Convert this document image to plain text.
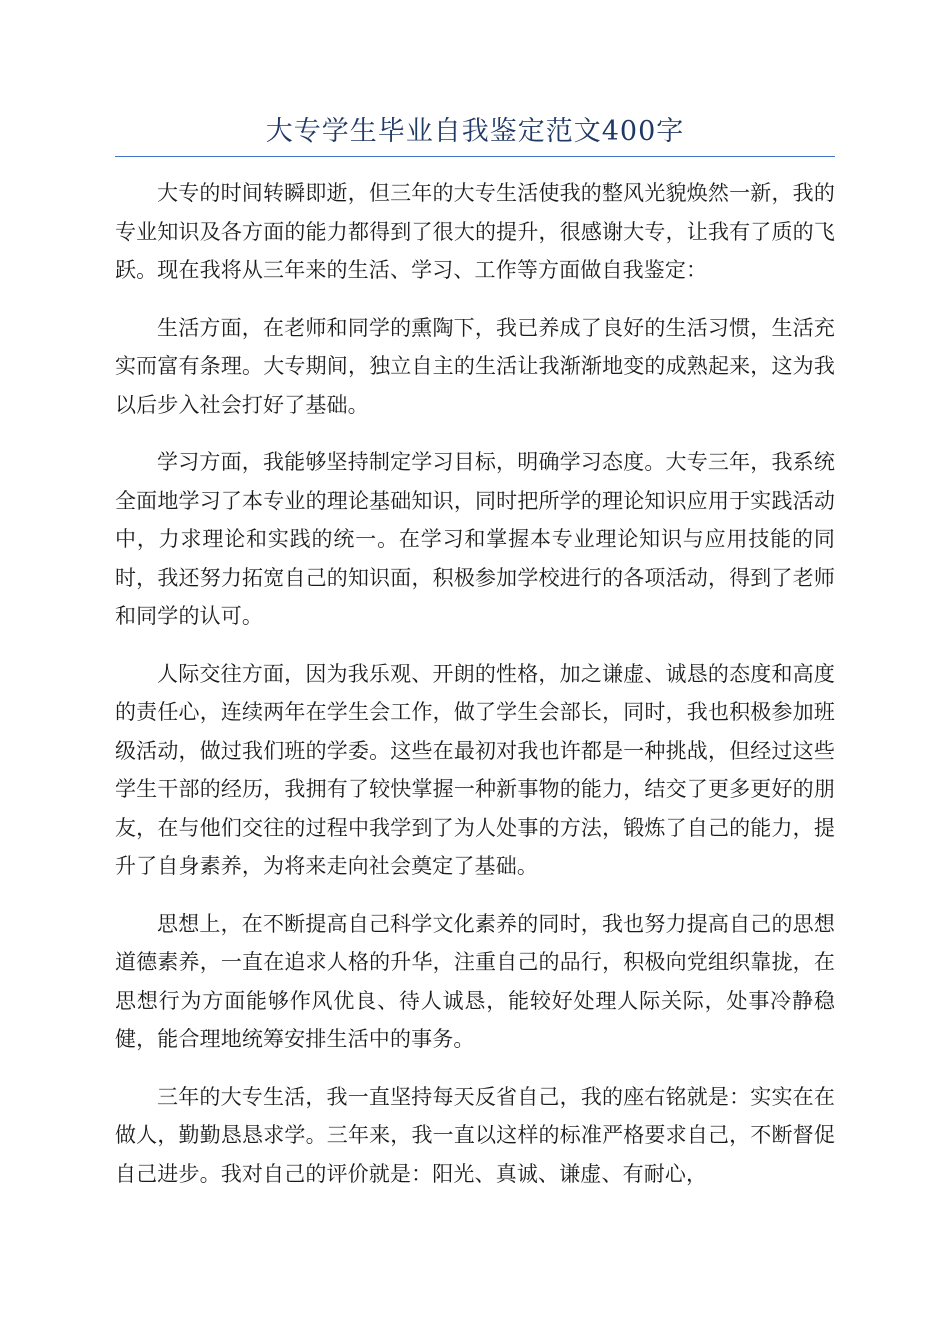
大专学生毕业自我鉴定范文400字

大专的时间转瞬即逝，但三年的大专生活使我的整风光貌焕然一新，我的专业知识及各方面的能力都得到了很大的提升，很感谢大专，让我有了质的飞跃。现在我将从三年来的生活、学习、工作等方面做自我鉴定：

生活方面，在老师和同学的熏陶下，我已养成了良好的生活习惯，生活充实而富有条理。大专期间，独立自主的生活让我渐渐地变的成熟起来，这为我以后步入社会打好了基础。

学习方面，我能够坚持制定学习目标，明确学习态度。大专三年，我系统全面地学习了本专业的理论基础知识，同时把所学的理论知识应用于实践活动中，力求理论和实践的统一。在学习和掌握本专业理论知识与应用技能的同时，我还努力拓宽自己的知识面，积极参加学校进行的各项活动，得到了老师和同学的认可。

人际交往方面，因为我乐观、开朗的性格，加之谦虚、诚恳的态度和高度的责任心，连续两年在学生会工作，做了学生会部长，同时，我也积极参加班级活动，做过我们班的学委。这些在最初对我也许都是一种挑战，但经过这些学生干部的经历，我拥有了较快掌握一种新事物的能力，结交了更多更好的朋友，在与他们交往的过程中我学到了为人处事的方法，锻炼了自己的能力，提升了自身素养，为将来走向社会奠定了基础。

思想上，在不断提高自己科学文化素养的同时，我也努力提高自己的思想道德素养，一直在追求人格的升华，注重自己的品行，积极向党组织靠拢，在思想行为方面能够作风优良、待人诚恳，能较好处理人际关际，处事冷静稳健，能合理地统筹安排生活中的事务。

三年的大专生活，我一直坚持每天反省自己，我的座右铭就是：实实在在做人，勤勤恳恳求学。三年来，我一直以这样的标准严格要求自己，不断督促自己进步。我对自己的评价就是：阳光、真诚、谦虚、有耐心，
